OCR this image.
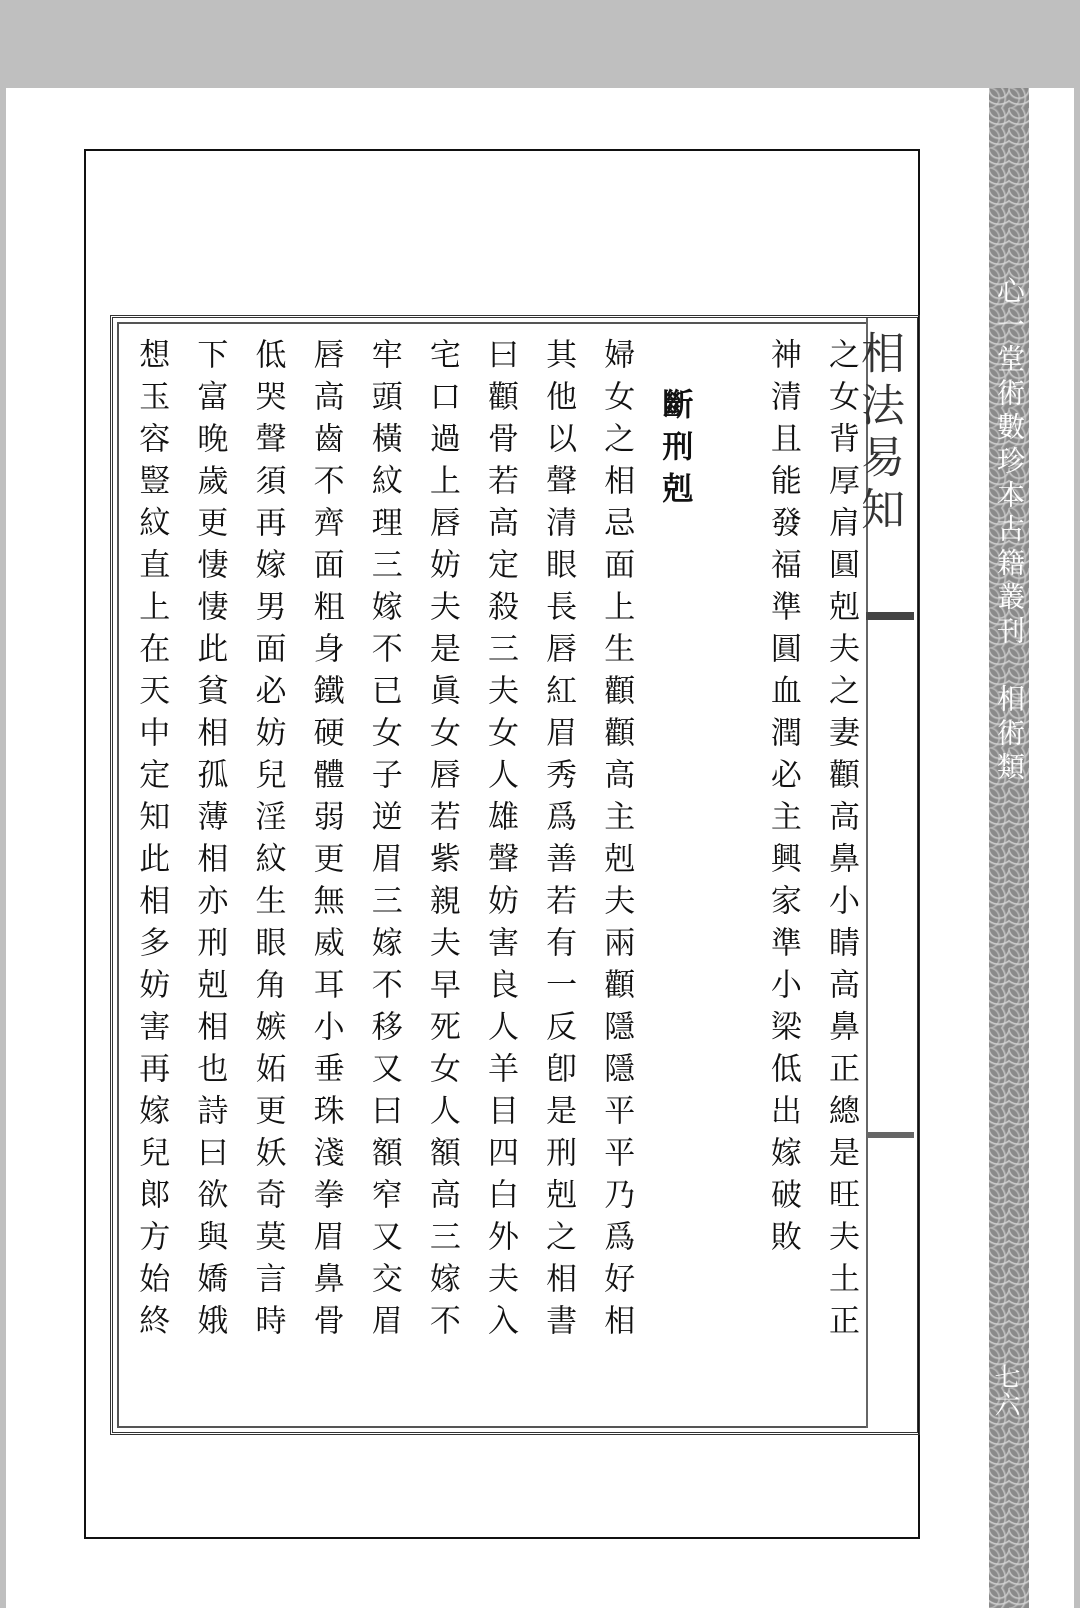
心一堂術數珍本古籍叢刊　相術類
七六
相法易知
之女背厚肩圓剋夫之妻顴高鼻小睛高鼻正總是旺夫土正
神清且能發福準圓血潤必主興家準小梁低出嫁破敗
斷刑剋
婦女之相忌面上生顴顴高主剋夫兩顴隱隱平平乃爲好相
其他以聲清眼長唇紅眉秀爲善若有一反卽是刑剋之相書
曰顴骨若高定殺三夫女人雄聲妨害良人羊目四白外夫入
宅口過上唇妨夫是眞女唇若紫親夫早死女人額高三嫁不
牢頭橫紋理三嫁不已女子逆眉三嫁不移又曰額窄又交眉
唇高齒不齊面粗身鐵硬體弱更無威耳小垂珠淺拳眉鼻骨
低哭聲須再嫁男面必妨兒淫紋生眼角嫉妬更妖奇莫言時
下富晚歲更悽悽此貧相孤薄相亦刑剋相也詩曰欲與嬌娥
想玉容豎紋直上在天中定知此相多妨害再嫁兒郞方始終
